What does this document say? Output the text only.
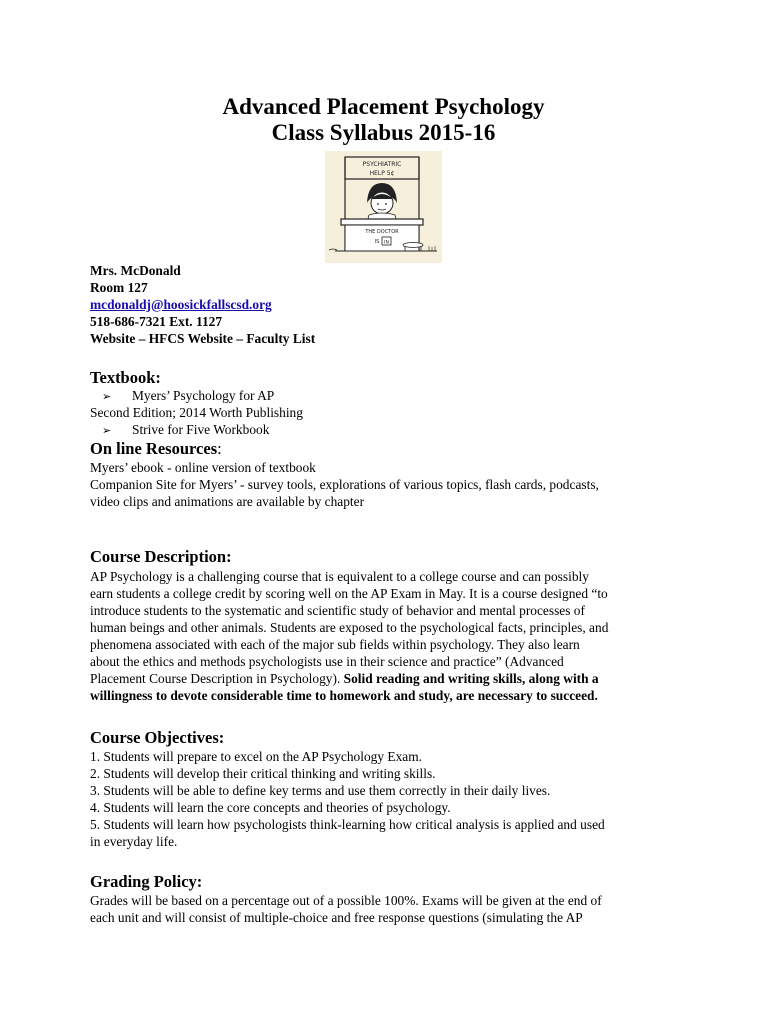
Advanced Placement Psychology
Class Syllabus 2015-16
PSYCHIATRIC
HELP 5¢
THE DOCTOR
IS IN
Mrs. McDonald
Room 127
mcdonaldj@hoosickfallscsd.org
518-686-7321 Ext. 1127
Website – HFCS Website – Faculty List
Textbook:
➢ Myers’ Psychology for AP
Second Edition; 2014 Worth Publishing
➢ Strive for Five Workbook
On line Resources:
Myers’ ebook - online version of textbook
Companion Site for Myers’ - survey tools, explorations of various topics, flash cards, podcasts,
video clips and animations are available by chapter
Course Description:
AP Psychology is a challenging course that is equivalent to a college course and can possibly
earn students a college credit by scoring well on the AP Exam in May. It is a course designed “to
introduce students to the systematic and scientific study of behavior and mental processes of
human beings and other animals. Students are exposed to the psychological facts, principles, and
phenomena associated with each of the major sub fields within psychology. They also learn
about the ethics and methods psychologists use in their science and practice” (Advanced
Placement Course Description in Psychology). Solid reading and writing skills, along with a
willingness to devote considerable time to homework and study, are necessary to succeed.
Course Objectives:
1. Students will prepare to excel on the AP Psychology Exam.
2. Students will develop their critical thinking and writing skills.
3. Students will be able to define key terms and use them correctly in their daily lives.
4. Students will learn the core concepts and theories of psychology.
5. Students will learn how psychologists think-learning how critical analysis is applied and used
in everyday life.
Grading Policy:
Grades will be based on a percentage out of a possible 100%. Exams will be given at the end of
each unit and will consist of multiple-choice and free response questions (simulating the AP
